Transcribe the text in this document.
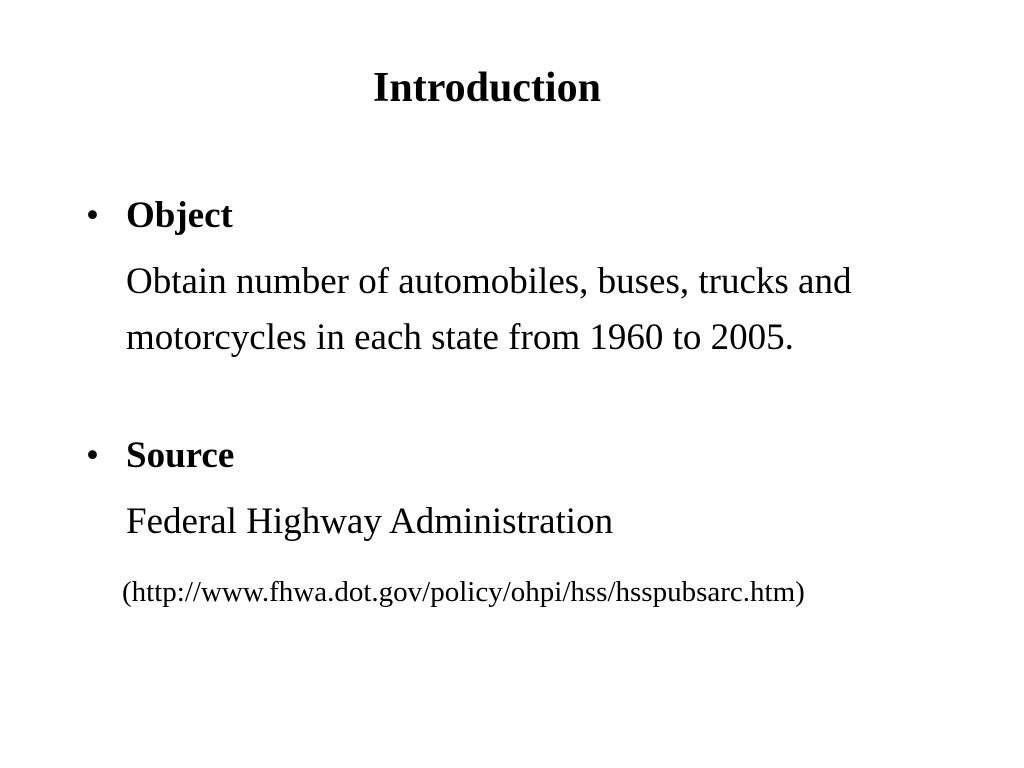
Introduction
• Object

Obtain number of automobiles, buses, trucks and motorcycles in each state from 1960 to 2005.

• Source

Federal Highway Administration

(http://www.fhwa.dot.gov/policy/ohpi/hss/hsspubsarc.htm)
